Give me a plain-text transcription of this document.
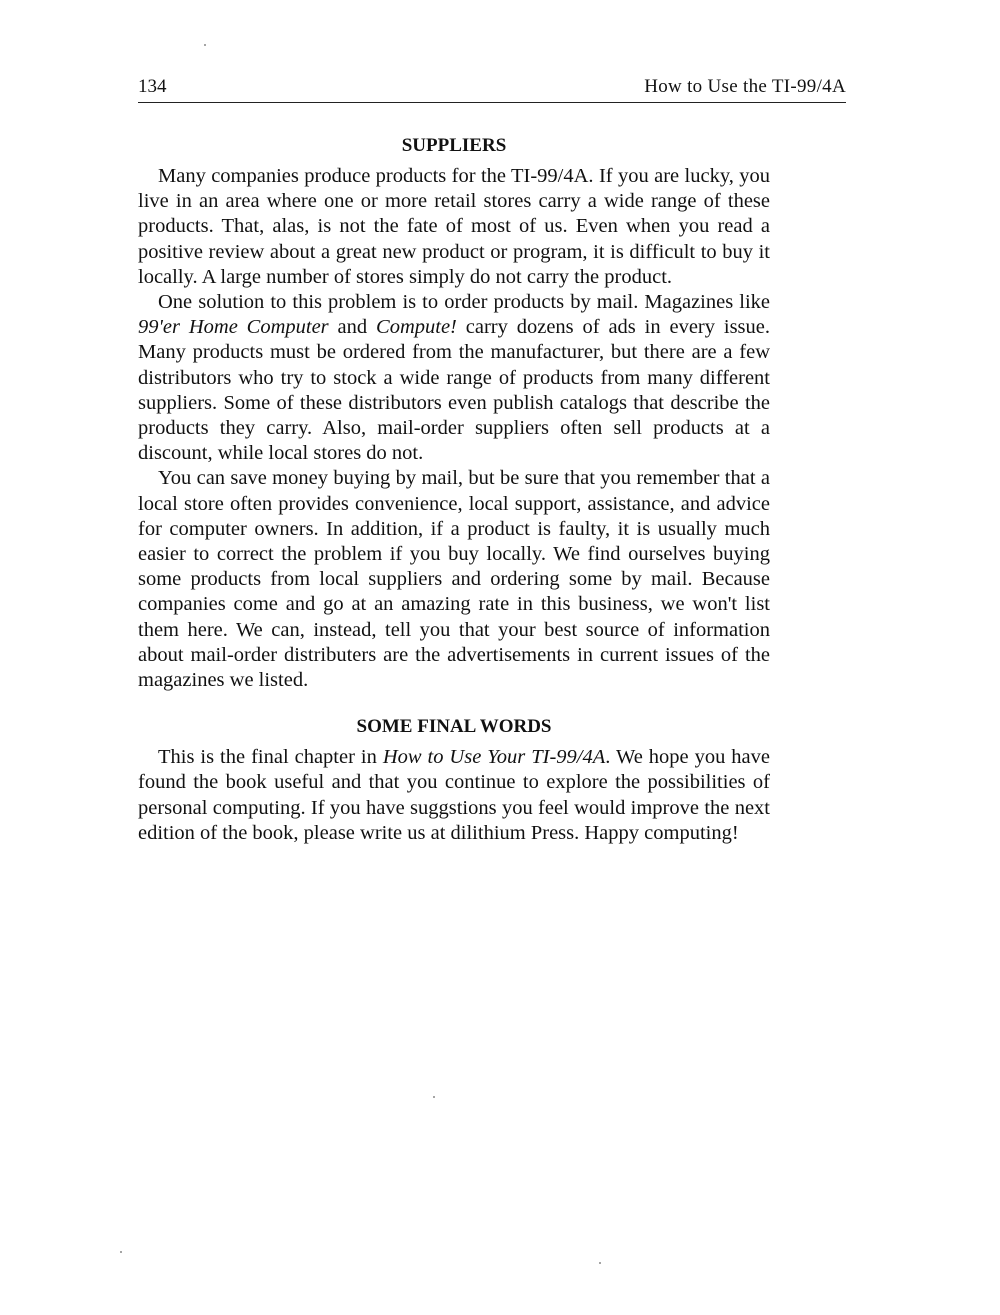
134	How to Use the TI-99/4A
SUPPLIERS

Many companies produce products for the TI-99/4A. If you are lucky, you live in an area where one or more retail stores carry a wide range of these products. That, alas, is not the fate of most of us. Even when you read a positive review about a great new product or program, it is difficult to buy it locally. A large number of stores simply do not carry the product.

One solution to this problem is to order products by mail. Magazines like 99'er Home Computer and Compute! carry dozens of ads in every issue. Many products must be ordered from the manufacturer, but there are a few distributors who try to stock a wide range of products from many different suppliers. Some of these distributors even publish catalogs that describe the products they carry. Also, mail-order suppliers often sell products at a discount, while local stores do not.

You can save money buying by mail, but be sure that you remember that a local store often provides convenience, local support, assistance, and advice for computer owners. In addition, if a product is faulty, it is usually much easier to correct the problem if you buy locally. We find ourselves buying some products from local suppliers and ordering some by mail. Because companies come and go at an amazing rate in this business, we won't list them here. We can, instead, tell you that your best source of information about mail-order distributers are the advertisements in current issues of the magazines we listed.

SOME FINAL WORDS

This is the final chapter in How to Use Your TI-99/4A. We hope you have found the book useful and that you continue to explore the possibilities of personal computing. If you have suggstions you feel would improve the next edition of the book, please write us at dilithium Press. Happy computing!
